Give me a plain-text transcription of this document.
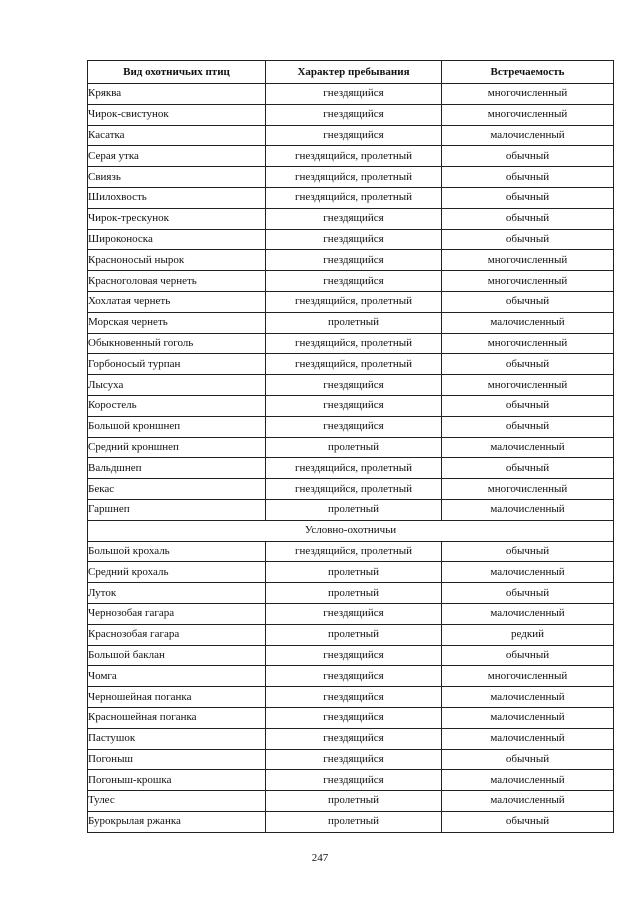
Вид охотничьих птиц	Характер пребывания	Встречаемость
Кряква	гнездящийся	многочисленный
Чирок-свистунок	гнездящийся	многочисленный
Касатка	гнездящийся	малочисленный
Серая утка	гнездящийся, пролетный	обычный
Свиязь	гнездящийся, пролетный	обычный
Шилохвость	гнездящийся, пролетный	обычный
Чирок-трескунок	гнездящийся	обычный
Широконоска	гнездящийся	обычный
Красноносый нырок	гнездящийся	многочисленный
Красноголовая чернеть	гнездящийся	многочисленный
Хохлатая чернеть	гнездящийся, пролетный	обычный
Морская чернеть	пролетный	малочисленный
Обыкновенный гоголь	гнездящийся, пролетный	многочисленный
Горбоносый турпан	гнездящийся, пролетный	обычный
Лысуха	гнездящийся	многочисленный
Коростель	гнездящийся	обычный
Большой кроншнеп	гнездящийся	обычный
Средний кроншнеп	пролетный	малочисленный
Вальдшнеп	гнездящийся, пролетный	обычный
Бекас	гнездящийся, пролетный	многочисленный
Гаршнеп	пролетный	малочисленный
Условно-охотничьи		
Большой крохаль	гнездящийся, пролетный	обычный
Средний крохаль	пролетный	малочисленный
Луток	пролетный	обычный
Чернозобая гагара	гнездящийся	малочисленный
Краснозобая гагара	пролетный	редкий
Большой баклан	гнездящийся	обычный
Чомга	гнездящийся	многочисленный
Черношейная поганка	гнездящийся	малочисленный
Красношейная поганка	гнездящийся	малочисленный
Пастушок	гнездящийся	малочисленный
Погоныш	гнездящийся	обычный
Погоныш-крошка	гнездящийся	малочисленный
Тулес	пролетный	малочисленный
Бурокрылая ржанка	пролетный	обычный
247
